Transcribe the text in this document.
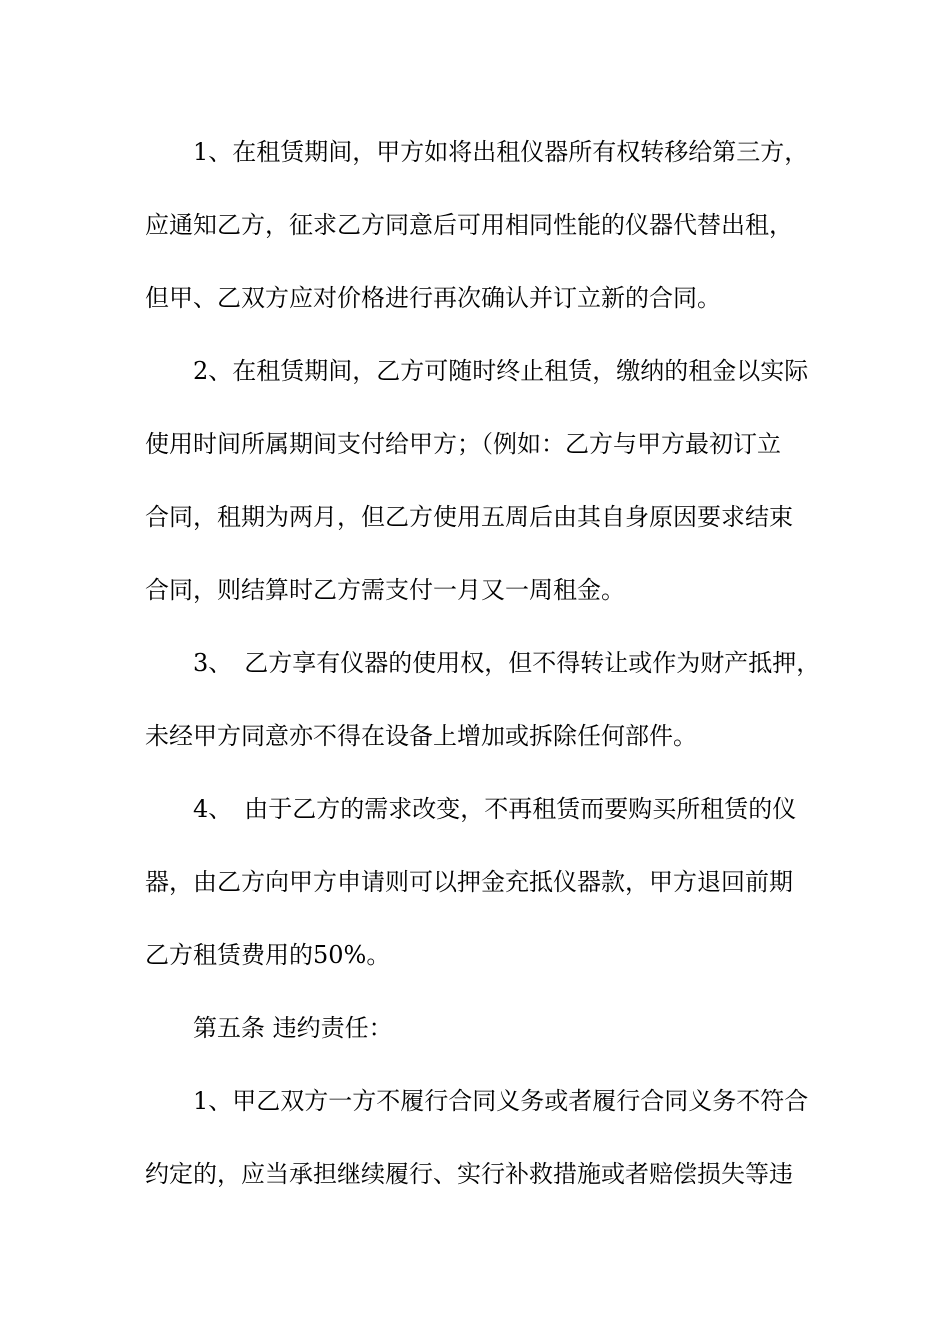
1、在租赁期间，甲方如将出租仪器所有权转移给第三方，
应通知乙方，征求乙方同意后可用相同性能的仪器代替出租，
但甲、乙双方应对价格进行再次确认并订立新的合同。
2、在租赁期间，乙方可随时终止租赁，缴纳的租金以实际
使用时间所属期间支付给甲方；（例如：乙方与甲方最初订立
合同，租期为两月，但乙方使用五周后由其自身原因要求结束
合同，则结算时乙方需支付一月又一周租金。
3、　乙方享有仪器的使用权，但不得转让或作为财产抵押，
未经甲方同意亦不得在设备上增加或拆除任何部件。
4、　由于乙方的需求改变，不再租赁而要购买所租赁的仪
器，由乙方向甲方申请则可以押金充抵仪器款，甲方退回前期
乙方租赁费用的50%。
第五条 违约责任：
1、甲乙双方一方不履行合同义务或者履行合同义务不符合
约定的，应当承担继续履行、实行补救措施或者赔偿损失等违
